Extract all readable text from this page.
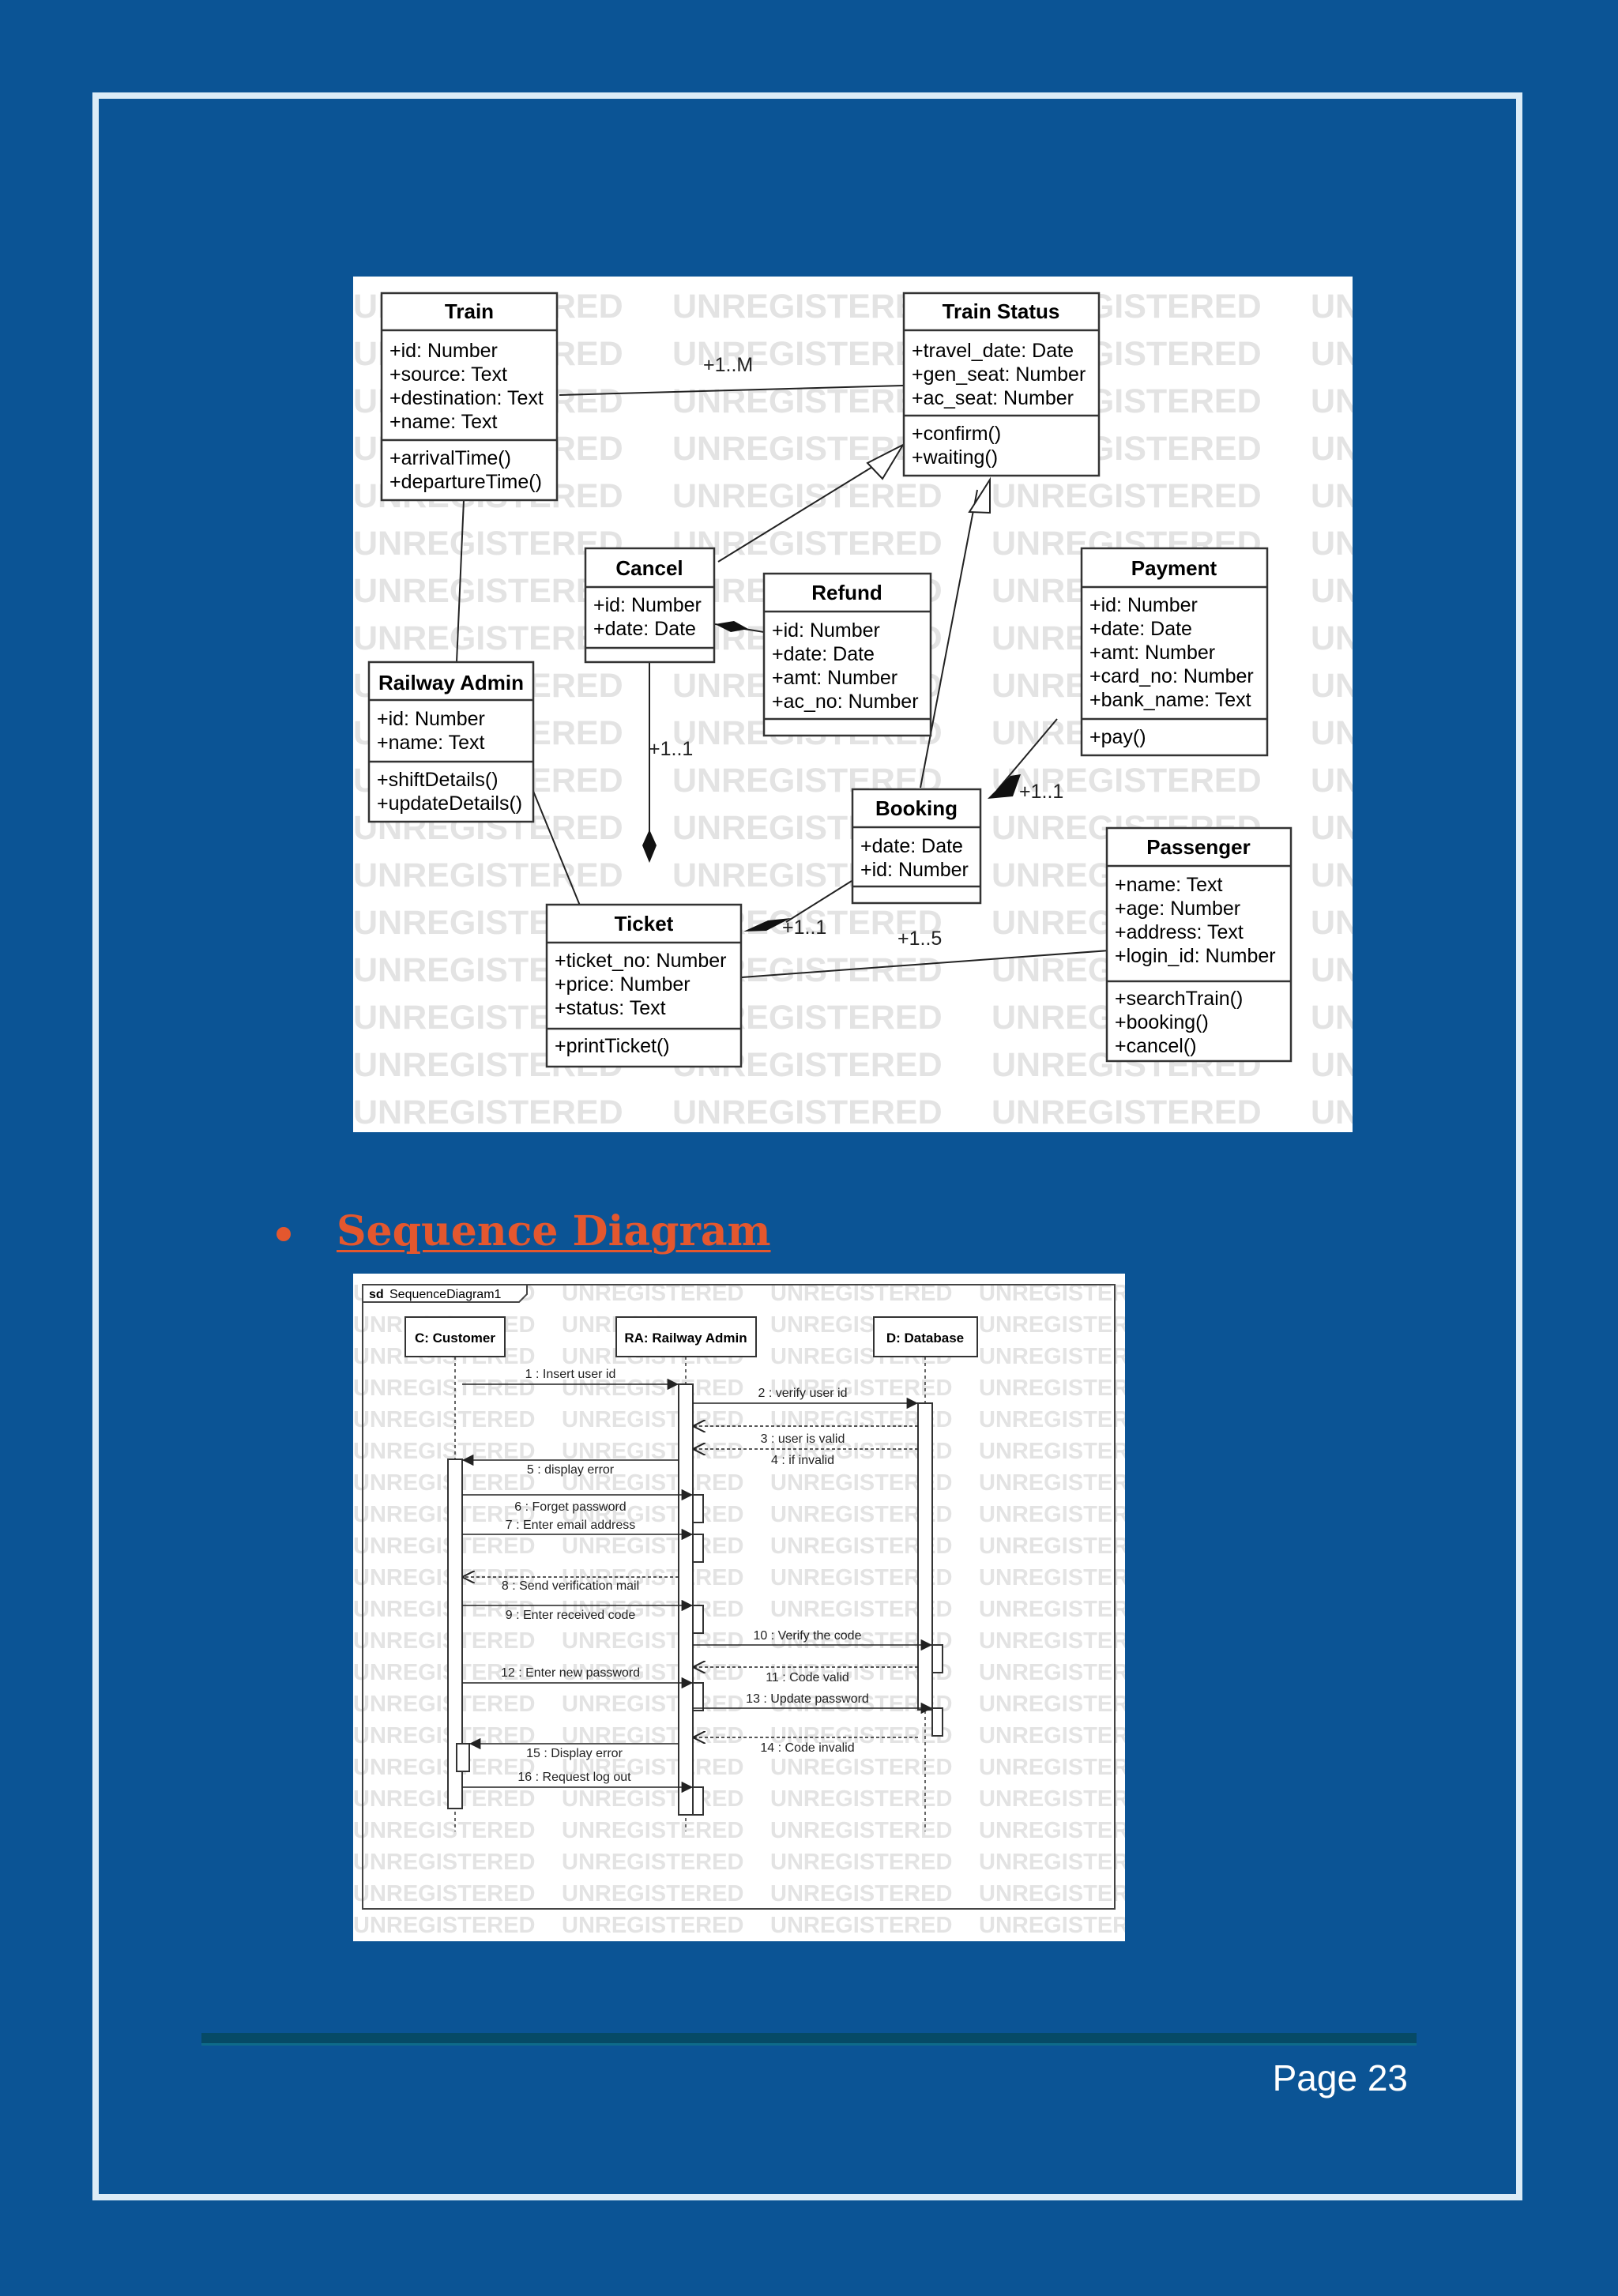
+1..M
+1..1
+1..1
+1..1	+1..5
Train
+id: Number
+source: Text
+destination: Text
+name: Text
+arrivalTime()
+departureTime()
Train Status
+travel_date: Date
+gen_seat: Number
+ac_seat: Number
+confirm()
+waiting()
Cancel
+id: Number
+date: Date
Refund
+id: Number
+date: Date
+amt: Number
+ac_no: Number
Payment
+id: Number
+date: Date
+amt: Number
+card_no: Number
+bank_name: Text
+pay()
Railway Admin
+id: Number
+name: Text
+shiftDetails()
+updateDetails()	Booking
+date: Date
+id: Number
Passenger
+name: Text
+age: Number
+address: Text
+login_id: Number
+searchTrain()
+booking()
+cancel()
Ticket
+ticket_no: Number
+price: Number
+status: Text
+printTicket()
Sequence Diagram
sd SequenceDiagram1
C: Customer	RA: Railway Admin	D: Database
1 : Insert user id
2 : verify user id
3 : user is valid
4 : if invalid
5 : display error
6 : Forget password
7 : Enter email address
8 : Send verification mail
9 : Enter received code
10 : Verify the code
11 : Code valid
12 : Enter new password
13 : Update password
14 : Code invalid
15 : Display error
16 : Request log out
Page 23
